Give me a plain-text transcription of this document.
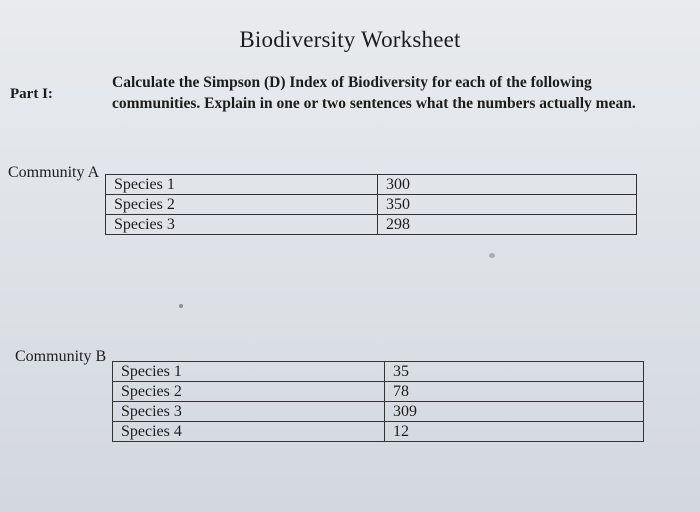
Biodiversity Worksheet
Part I:
Calculate the Simpson (D) Index of Biodiversity for each of the following communities. Explain in one or two sentences what the numbers actually mean.
Community A
Species 1	300
Species 2	350
Species 3	298
Community B
Species 1	35
Species 2	78
Species 3	309
Species 4	12
